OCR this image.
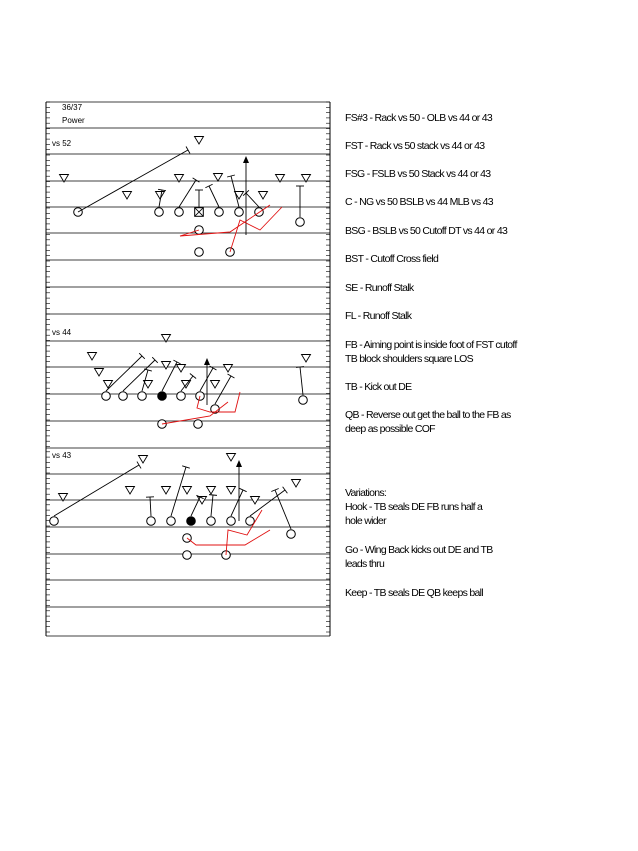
36/37
Power
vs 52
vs 44
vs 43
FS#3 - Rack vs 50 - OLB vs 44 or 43
FST - Rack vs 50 stack vs 44 or 43
FSG - FSLB vs 50 Stack vs 44 or 43
C - NG vs 50 BSLB vs 44 MLB vs 43
BSG - BSLB vs 50 Cutoff DT vs 44 or 43
BST - Cutoff Cross field
SE - Runoff Stalk
FL - Runoff Stalk
FB - Aiming point is inside foot of FST cutoff
TB block shoulders square LOS
TB - Kick out DE
QB - Reverse out get the ball to the FB as
deep as possible COF
Variations:
Hook - TB seals DE FB runs half a
hole wider
Go - Wing Back kicks out DE and TB
leads thru
Keep - TB seals DE QB keeps ball
